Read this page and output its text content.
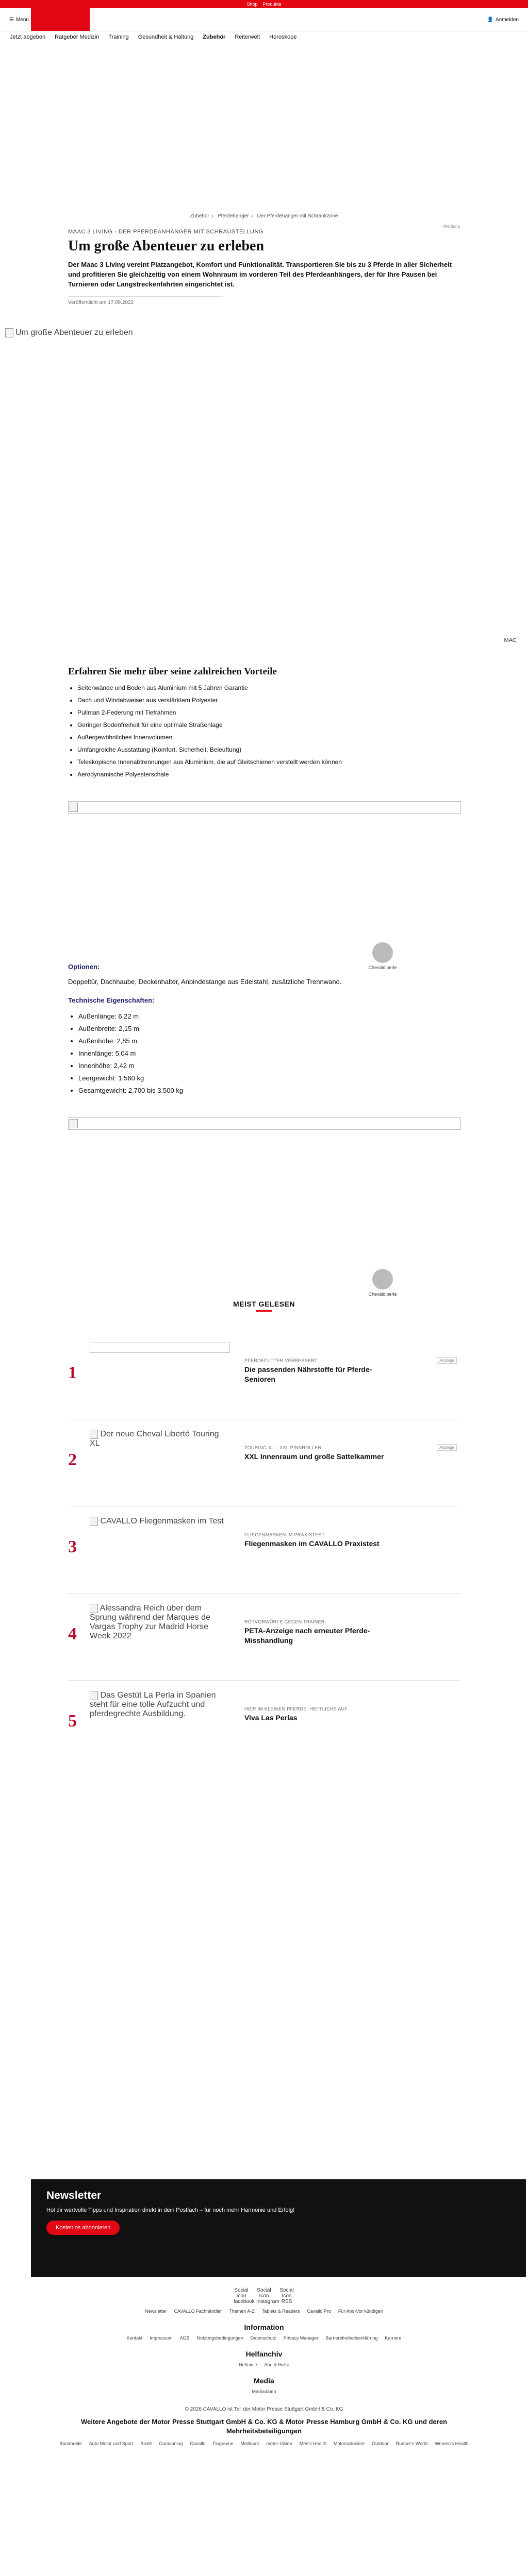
Shop Produkte
☰ Menü	👤 Anmelden
Jetzt abgeben	Ratgeber Medizin	Training	Gesundheit & Haltung	Zubehör	Reiterwelt	Horoskope
Zubehör › Pferdehänger › Der Pferdehänger mit Schrankzone
Werbung
MAAC 3 LIVING - DER PFERDEANHÄNGER MIT SCHRAUSTELLUNG
Um große Abenteuer zu erleben

Der Maac 3 Living vereint Platzangebot, Komfort und Funktionalität. Transportieren Sie bis zu 3 Pferde in aller Sicherheit und profitieren Sie gleichzeitig von einem Wohnraum im vorderen Teil des Pferdeanhängers, der für Ihre Pausen bei Turnieren oder Langstreckenfahrten eingerichtet ist.

Veröffentlicht am 17.09.2022
Um große Abenteuer zu erleben
MAC
Erfahren Sie mehr über seine zahlreichen Vorteile
• Seitenwände und Boden aus Aluminium mit 5 Jahren Garantie
• Dach und Windabweiser aus verstärktem Polyester
• Pullman 2-Federung mit Tiefrahmen
• Geringer Bodenfreiheit für eine optimale Straßenlage
• Außergewöhnliches Innenvolumen
• Umfangreiche Ausstattung (Komfort, Sicherheit, Beleuftung)
• Teleskopische Innenabtrennungen aus Aluminium, die auf Gleitschienen verstellt werden können
• Aerodynamische Polyesterschale
Chevaldiperle
Optionen:

Doppeltür, Dachhaube, Deckenhalter, Anbindestange aus Edelstahl, zusätzliche Trennwand.

Technische Eigenschaften:
• Außenlänge: 6,22 m
• Außenbreite: 2,15 m
• Außenhöhe: 2,85 m
• Innenlänge: 5,04 m
• Innenhöhe: 2,42 m
• Leergewicht: 1.560 kg
• Gesamtgewicht: 2.700 bis 3.500 kg
Chevaldiperle
MEIST GELESEN
1
PFERDEFUTTER VERBESSERT
Die passenden Nährstoffe für Pferde-Senioren
Anzeige
2
Der neue Cheval Liberté Touring XL	TOURING XL – XXL PINNROLLEN
XXL Innenraum und große Sattelkammer
Anzeige
3
CAVALLO Fliegenmasken im Test
FLIEGENMASKEN IM PRAXISTEST
Fliegenmasken im CAVALLO Praxistest
4
Alessandra Reich über dem Sprung während der Marques de Vargas Trophy zur Madrid Horse Week 2022
ROTVORWÜRFE GEGEN TRAINER
PETA-Anzeige nach erneuter Pferde-Misshandlung
5
Das Gestüt La Perla in Spanien steht für eine tolle Aufzucht und pferdegrechte Ausbildung.
HIER IM KLEINEN PFERDE: HEFTLICHE AUF
Viva Las Perlas
Newsletter

Hol dir wertvolle Tipps und Inspiration direkt in dein Postfach – für noch mehr Harmonie und Erfolg!

Kostenlos abonnieren
Social Icon facebook
Social Icon Instagram
Social Icon RSS
Newsletter CAVALLO Fachhändler Themen A-Z Tablets & Readers Cavallo Pro Für Abo-Vor kündigen
Information
Kontakt Impressum AGB Nutzungsbedingungen Datenschutz Privacy Manager Barrierefreiheitserklärung Karriere
Helfanchiv
Hefteinie Abo & Hefte
Media
Mediadaten
© 2026 CAVALLO ist Teil der Motor Presse Stuttgart GmbH & Co. KG
Weitere Angebote der Motor Presse Stuttgart GmbH & Co. KG & Motor Presse Hamburg GmbH & Co. KG und deren Mehrheitsbeteiligungen
Bandbreite Auto Motor und Sport Bikelt Caravaning Cavallo Flugrevue Meilleurs motor-Vision Men's Health Motorradonline Outdoor Runner's World Women's Health
